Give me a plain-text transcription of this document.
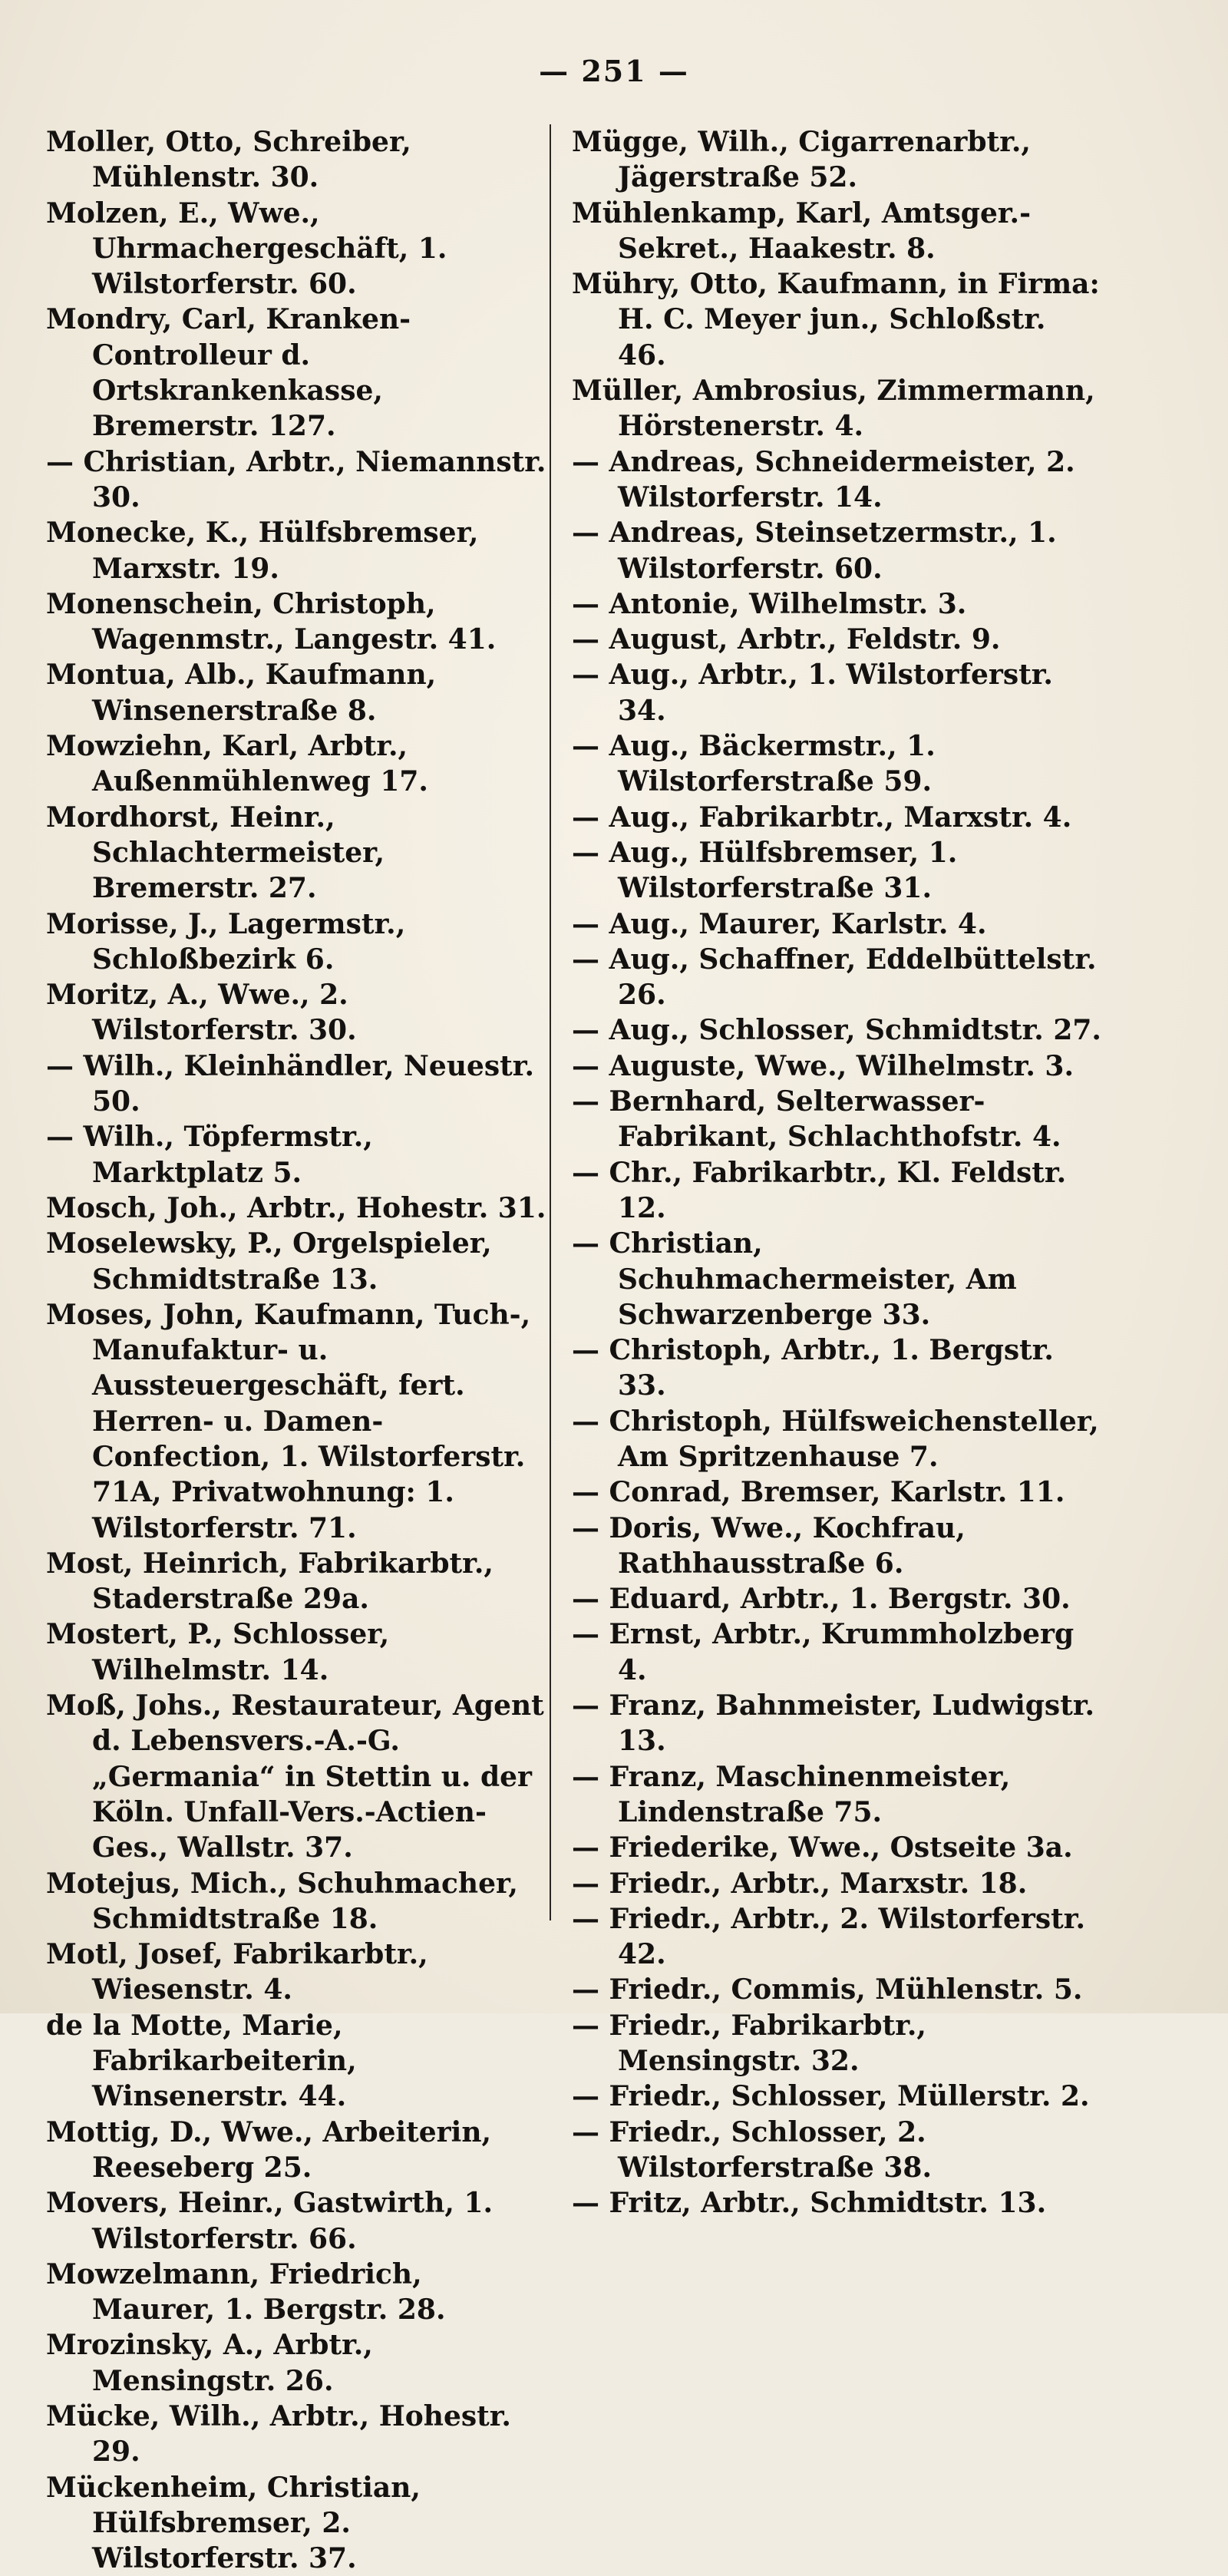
— 251 —

Moller, Otto, Schreiber, Mühlenstr. 30.

Molzen, E., Wwe., Uhrmachergeschäft, 1. Wilstorferstr. 60.

Mondry, Carl, Kranken-Controlleur d. Ortskrankenkasse, Bremerstr. 127.

— Christian, Arbtr., Niemannstr. 30.

Monecke, K., Hülfsbremser, Marxstr. 19.

Monenschein, Christoph, Wagenmstr., Langestr. 41.

Montua, Alb., Kaufmann, Winsenerstraße 8.

Mowziehn, Karl, Arbtr., Außenmühlenweg 17.

Mordhorst, Heinr., Schlachtermeister, Bremerstr. 27.

Morisse, J., Lagermstr., Schloßbezirk 6.

Moritz, A., Wwe., 2. Wilstorferstr. 30.

— Wilh., Kleinhändler, Neuestr. 50.

— Wilh., Töpfermstr., Marktplatz 5.

Mosch, Joh., Arbtr., Hohestr. 31.

Moselewsky, P., Orgelspieler, Schmidtstraße 13.

Moses, John, Kaufmann, Tuch-, Manufaktur- u. Aussteuergeschäft, fert. Herren- u. Damen-Confection, 1. Wilstorferstr. 71A, Privatwohnung: 1. Wilstorferstr. 71.

Most, Heinrich, Fabrikarbtr., Staderstraße 29a.

Mostert, P., Schlosser, Wilhelmstr. 14.

Moß, Johs., Restaurateur, Agent d. Lebensvers.-A.-G. „Germania“ in Stettin u. der Köln. Unfall-Vers.-Actien-Ges., Wallstr. 37.

Motejus, Mich., Schuhmacher, Schmidtstraße 18.

Motl, Josef, Fabrikarbtr., Wiesenstr. 4.

de la Motte, Marie, Fabrikarbeiterin, Winsenerstr. 44.

Mottig, D., Wwe., Arbeiterin, Reeseberg 25.

Movers, Heinr., Gastwirth, 1. Wilstorferstr. 66.

Mowzelmann, Friedrich, Maurer, 1. Bergstr. 28.

Mrozinsky, A., Arbtr., Mensingstr. 26.

Mücke, Wilh., Arbtr., Hohestr. 29.

Mückenheim, Christian, Hülfsbremser, 2. Wilstorferstr. 37.

Mügge, Wilh., Cigarrenarbtr., Jägerstraße 52.

Mühlenkamp, Karl, Amtsger.-Sekret., Haakestr. 8.

Mühry, Otto, Kaufmann, in Firma: H. C. Meyer jun., Schloßstr. 46.

Müller, Ambrosius, Zimmermann, Hörstenerstr. 4.

— Andreas, Schneidermeister, 2. Wilstorferstr. 14.

— Andreas, Steinsetzermstr., 1. Wilstorferstr. 60.

— Antonie, Wilhelmstr. 3.

— August, Arbtr., Feldstr. 9.

— Aug., Arbtr., 1. Wilstorferstr. 34.

— Aug., Bäckermstr., 1. Wilstorferstraße 59.

— Aug., Fabrikarbtr., Marxstr. 4.

— Aug., Hülfsbremser, 1. Wilstorferstraße 31.

— Aug., Maurer, Karlstr. 4.

— Aug., Schaffner, Eddelbüttelstr. 26.

— Aug., Schlosser, Schmidtstr. 27.

— Auguste, Wwe., Wilhelmstr. 3.

— Bernhard, Selterwasser-Fabrikant, Schlachthofstr. 4.

— Chr., Fabrikarbtr., Kl. Feldstr. 12.

— Christian, Schuhmachermeister, Am Schwarzenberge 33.

— Christoph, Arbtr., 1. Bergstr. 33.

— Christoph, Hülfsweichensteller, Am Spritzenhause 7.

— Conrad, Bremser, Karlstr. 11.

— Doris, Wwe., Kochfrau, Rathhausstraße 6.

— Eduard, Arbtr., 1. Bergstr. 30.

— Ernst, Arbtr., Krummholzberg 4.

— Franz, Bahnmeister, Ludwigstr. 13.

— Franz, Maschinenmeister, Lindenstraße 75.

— Friederike, Wwe., Ostseite 3a.

— Friedr., Arbtr., Marxstr. 18.

— Friedr., Arbtr., 2. Wilstorferstr. 42.

— Friedr., Commis, Mühlenstr. 5.

— Friedr., Fabrikarbtr., Mensingstr. 32.

— Friedr., Schlosser, Müllerstr. 2.

— Friedr., Schlosser, 2. Wilstorferstraße 38.

— Fritz, Arbtr., Schmidtstr. 13.
